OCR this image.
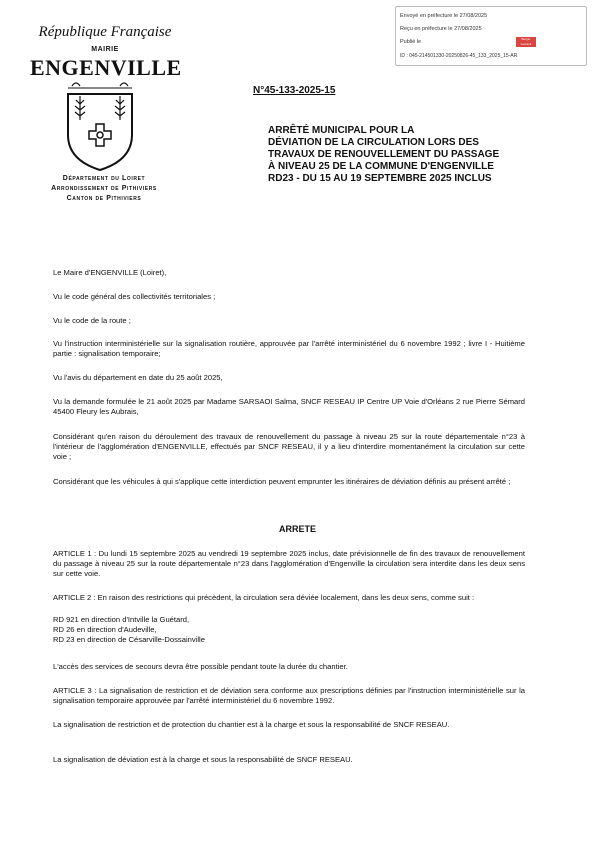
République Française
MAIRIE
ENGENVILLE
Département du Loiret
Arrondissement de Pithiviers
Canton de Pithiviers
Envoyé en préfecture le 27/08/2025
Reçu en préfecture le 27/08/2025
Publié le	Berger Levrault
ID : 045-214501330-20250826-45_133_2025_15-AR
N°45-133-2025-15
ARRÊTÉ MUNICIPAL POUR LA
DÉVIATION DE LA CIRCULATION LORS DES
TRAVAUX DE RENOUVELLEMENT DU PASSAGE
À NIVEAU 25 DE LA COMMUNE D'ENGENVILLE
RD23 - DU 15 AU 19 SEPTEMBRE 2025 INCLUS
Le Maire d'ENGENVILLE (Loiret),
Vu le code général des collectivités territoriales ;
Vu le code de la route ;
Vu l'instruction interministérielle sur la signalisation routière, approuvée par l'arrêté interministériel du 6 novembre 1992 ; livre I - Huitième partie : signalisation temporaire;
Vu l'avis du département en date du 25 août 2025,
Vu la demande formulée le 21 août 2025 par Madame SARSAOI Salma, SNCF RESEAU IP Centre UP Voie d'Orléans 2 rue Pierre Sémard 45400 Fleury les Aubrais,
Considérant qu'en raison du déroulement des travaux de renouvellement du passage à niveau 25 sur la route départementale n°23 à l'intérieur de l'agglomération d'ENGENVILLE, effectués par SNCF RESEAU, il y a lieu d'interdire momentanément la circulation sur cette voie ;
Considérant que les véhicules à qui s'applique cette interdiction peuvent emprunter les itinéraires de déviation définis au présent arrêté ;
ARRETE
ARTICLE 1 : Du lundi 15 septembre 2025 au vendredi 19 septembre 2025 inclus, date prévisionnelle de fin des travaux de renouvellement du passage à niveau 25 sur la route départementale n°23 dans l'agglomération d'Engenville la circulation sera interdite dans les deux sens sur cette voie.
ARTICLE 2 : En raison des restrictions qui précèdent, la circulation sera déviée localement, dans les deux sens, comme suit :
RD 921 en direction d'Intville la Guétard,
RD 26 en direction d'Audeville,
RD 23 en direction de Césarville-Dossainville
L'accès des services de secours devra être possible pendant toute la durée du chantier.
ARTICLE 3 : La signalisation de restriction et de déviation sera conforme aux prescriptions définies par l'instruction interministérielle sur la signalisation temporaire approuvée par l'arrêté interministériel du 6 novembre 1992.
La signalisation de restriction et de protection du chantier est à la charge et sous la responsabilité de SNCF RESEAU.
La signalisation de déviation est à la charge et sous la responsabilité de SNCF RESEAU.
